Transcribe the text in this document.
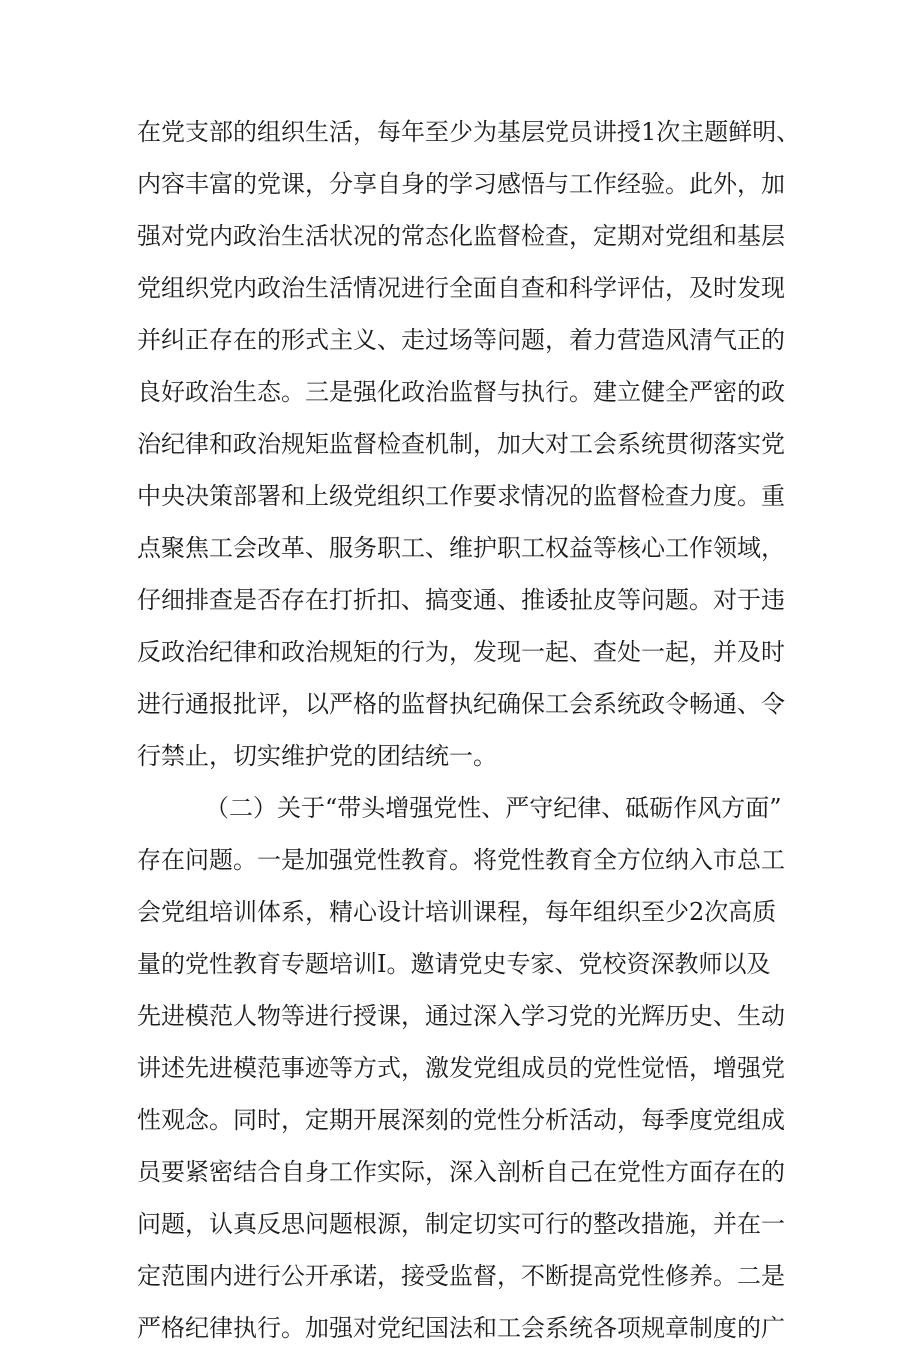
在党支部的组织生活，每年至少为基层党员讲授1次主题鲜明、
内容丰富的党课，分享自身的学习感悟与工作经验。此外，加
强对党内政治生活状况的常态化监督检查，定期对党组和基层
党组织党内政治生活情况进行全面自查和科学评估，及时发现
并纠正存在的形式主义、走过场等问题，着力营造风清气正的
良好政治生态。三是强化政治监督与执行。建立健全严密的政
治纪律和政治规矩监督检查机制，加大对工会系统贯彻落实党
中央决策部署和上级党组织工作要求情况的监督检查力度。重
点聚焦工会改革、服务职工、维护职工权益等核心工作领域，
仔细排查是否存在打折扣、搞变通、推诿扯皮等问题。对于违
反政治纪律和政治规矩的行为，发现一起、查处一起，并及时
进行通报批评，以严格的监督执纪确保工会系统政令畅通、令
行禁止，切实维护党的团结统一。
（二）关于“带头增强党性、严守纪律、砥砺作风方面”
存在问题。一是加强党性教育。将党性教育全方位纳入市总工
会党组培训体系，精心设计培训课程，每年组织至少2次高质
量的党性教育专题培训I。邀请党史专家、党校资深教师以及
先进模范人物等进行授课，通过深入学习党的光辉历史、生动
讲述先进模范事迹等方式，激发党组成员的党性觉悟，增强党
性观念。同时，定期开展深刻的党性分析活动，每季度党组成
员要紧密结合自身工作实际，深入剖析自己在党性方面存在的
问题，认真反思问题根源，制定切实可行的整改措施，并在一
定范围内进行公开承诺，接受监督，不断提高党性修养。二是
严格纪律执行。加强对党纪国法和工会系统各项规章制度的广
